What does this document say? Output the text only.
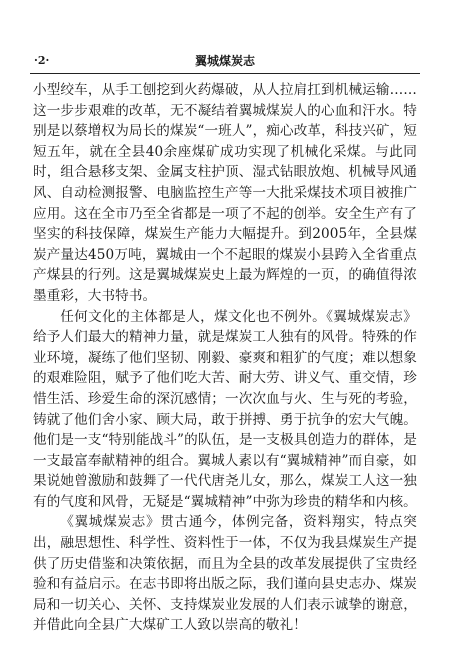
·2·	翼城煤炭志

小型绞车，从手工刨挖到火药爆破，从人拉肩扛到机械运输……这一步步艰难的改革，无不凝结着翼城煤炭人的心血和汗水。特别是以蔡增权为局长的煤炭“一班人”，痴心改革，科技兴矿，短短五年，就在全县40余座煤矿成功实现了机械化采煤。与此同时，组合悬移支架、金属支柱护顶、湿式钻眼放炮、机械导风通风、自动检测报警、电脑监控生产等一大批采煤技术项目被推广应用。这在全市乃至全省都是一项了不起的创举。安全生产有了坚实的科技保障，煤炭生产能力大幅提升。到2005年，全县煤炭产量达450万吨，翼城由一个不起眼的煤炭小县跨入全省重点产煤县的行列。这是翼城煤炭史上最为辉煌的一页，的确值得浓墨重彩，大书特书。

任何文化的主体都是人，煤文化也不例外。《翼城煤炭志》给予人们最大的精神力量，就是煤炭工人独有的风骨。特殊的作业环境，凝练了他们坚韧、刚毅、豪爽和粗犷的气度；难以想象的艰难险阻，赋予了他们吃大苦、耐大劳、讲义气、重交情，珍惜生活、珍爱生命的深沉感情；一次次血与火、生与死的考验，铸就了他们舍小家、顾大局，敢于拼搏、勇于抗争的宏大气魄。他们是一支“特别能战斗”的队伍，是一支极具创造力的群体，是一支最富奉献精神的组合。翼城人素以有“翼城精神”而自豪，如果说她曾激励和鼓舞了一代代唐尧儿女，那么，煤炭工人这一独有的气度和风骨，无疑是“翼城精神”中弥为珍贵的精华和内核。

《翼城煤炭志》贯古通今，体例完备，资料翔实，特点突出，融思想性、科学性、资料性于一体，不仅为我县煤炭生产提供了历史借鉴和决策依据，而且为全县的改革发展提供了宝贵经验和有益启示。在志书即将出版之际，我们谨向县史志办、煤炭局和一切关心、关怀、支持煤炭业发展的人们表示诚挚的谢意，并借此向全县广大煤矿工人致以崇高的敬礼！
